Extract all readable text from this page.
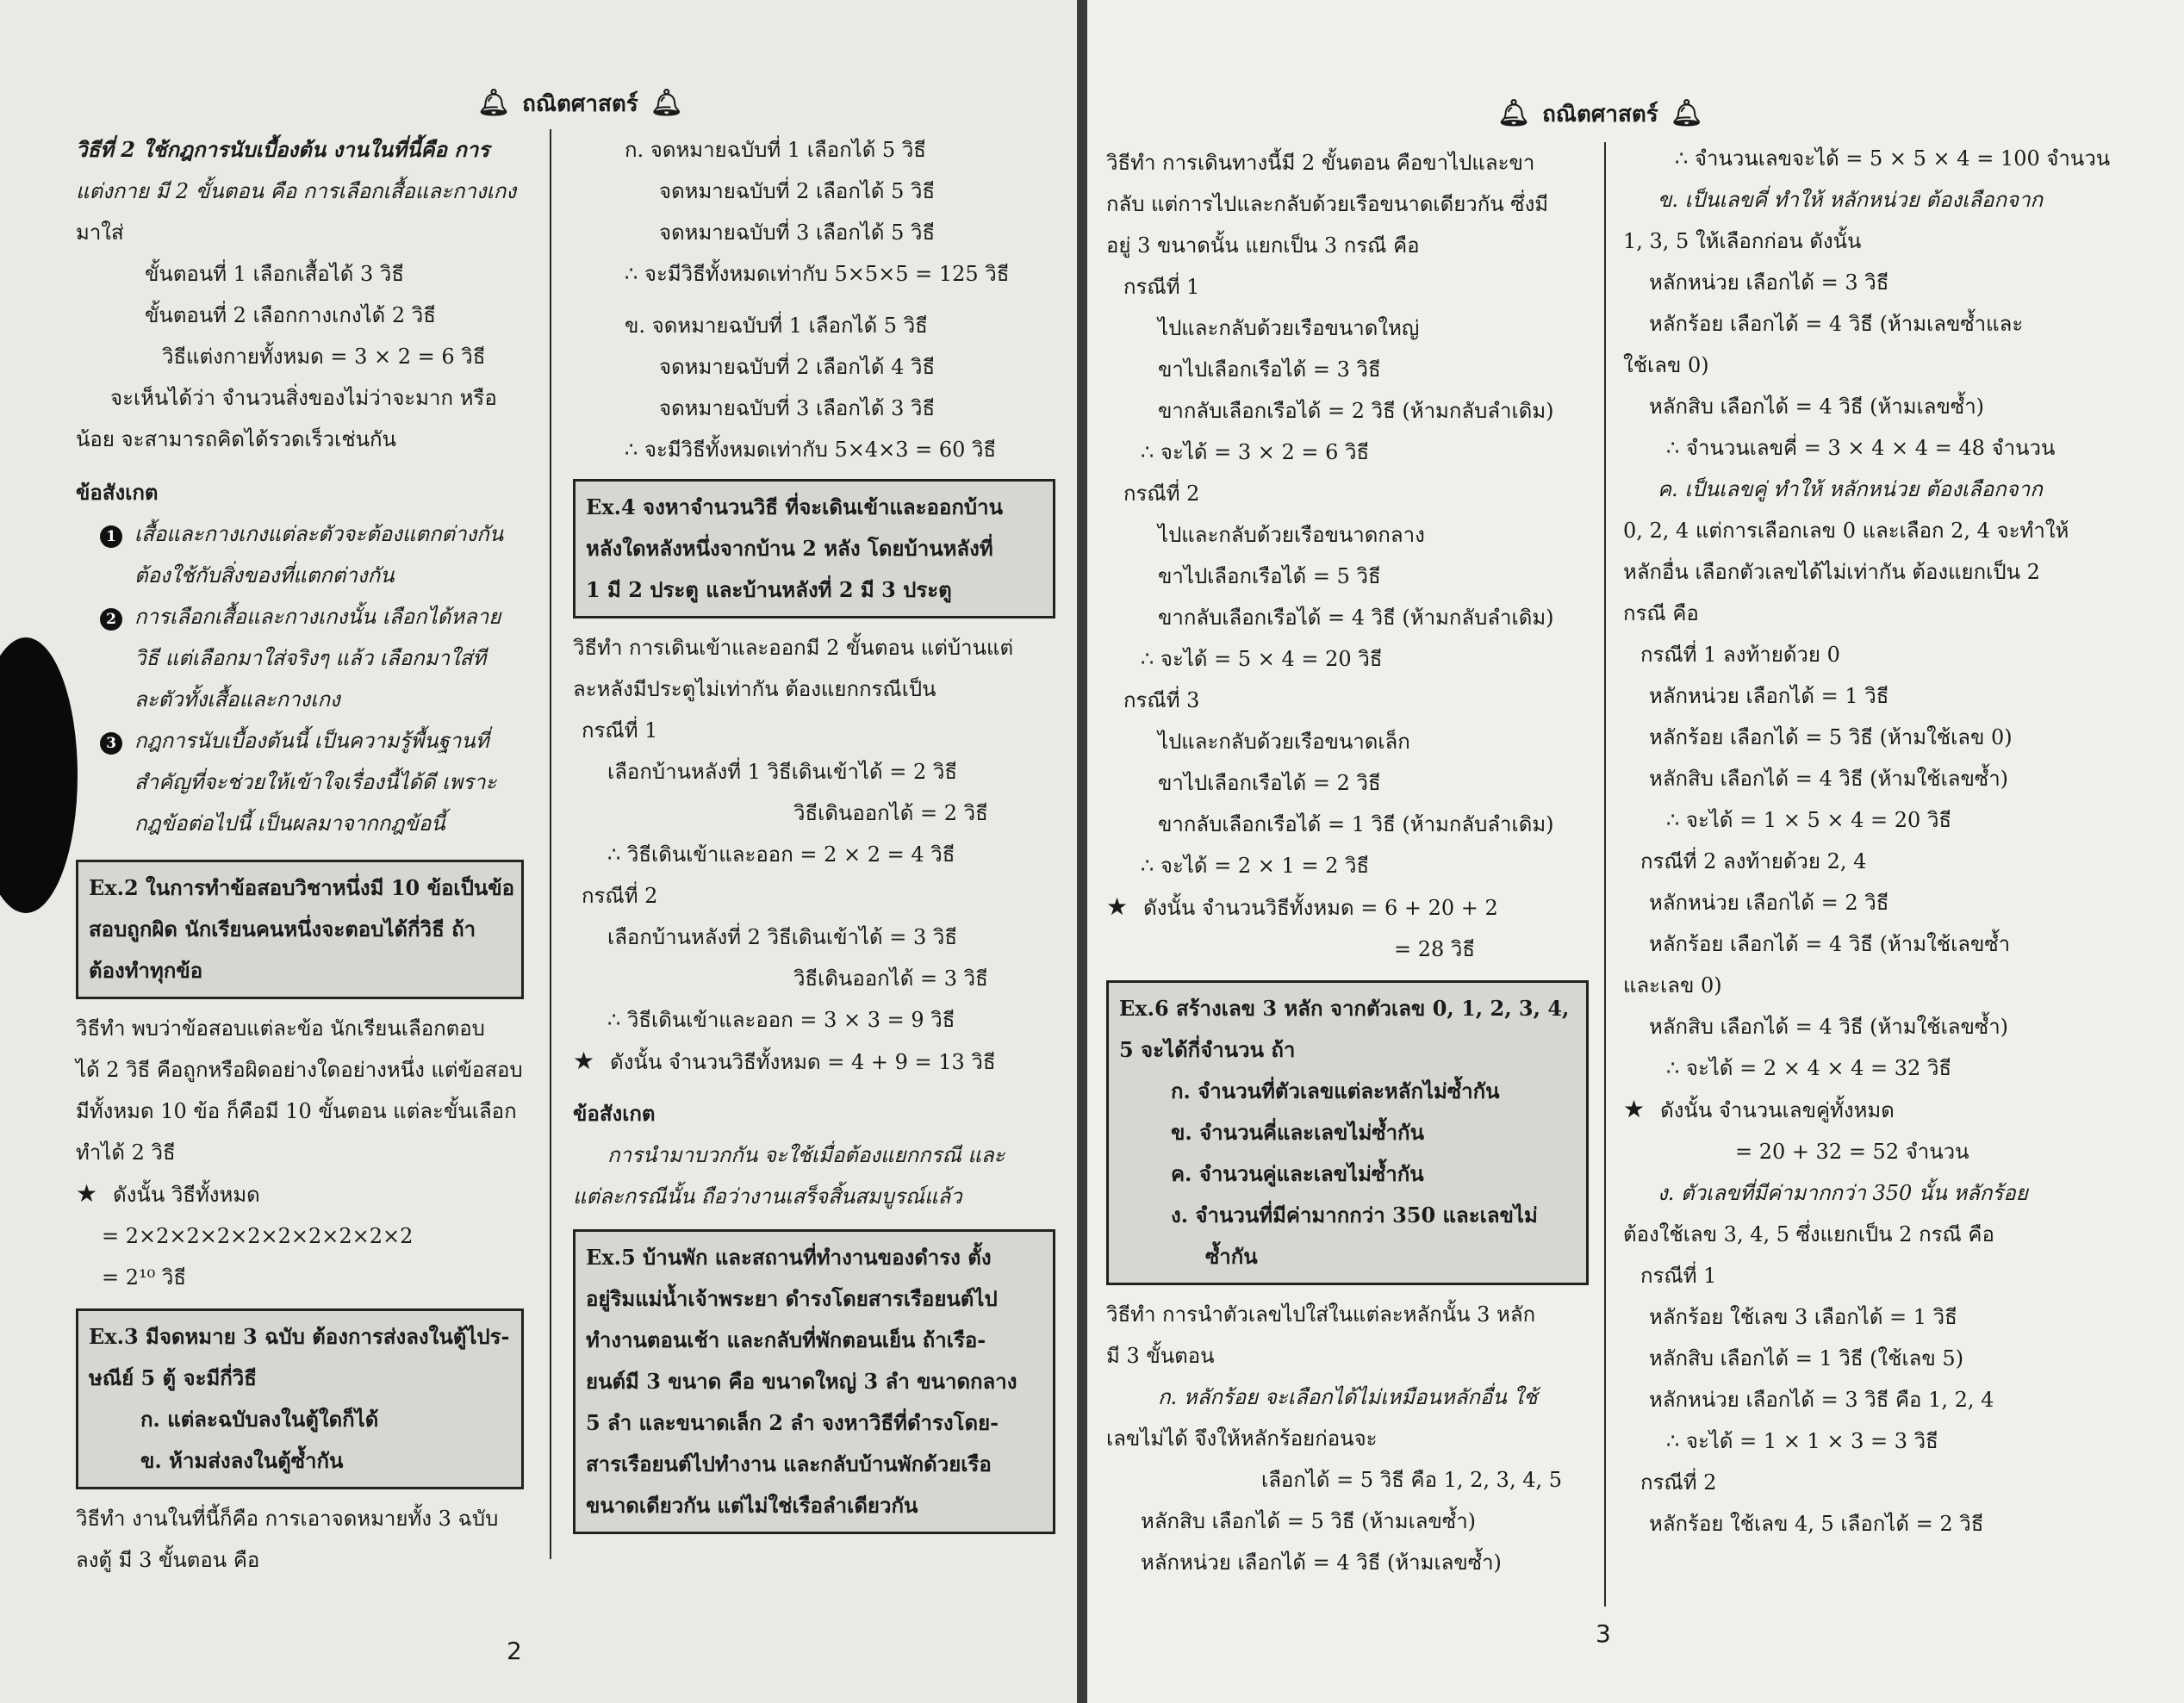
🔔︎ ถณิตศาสตร์ 🔔︎
วิธีที่ 2 ใช้กฎการนับเบื้องต้น งานในที่นี้คือ การ
แต่งกาย มี 2 ขั้นตอน คือ การเลือกเสื้อและกางเกง
มาใส่
ขั้นตอนที่ 1 เลือกเสื้อได้ 3 วิธี
ขั้นตอนที่ 2 เลือกกางเกงได้ 2 วิธี
วิธีแต่งกายทั้งหมด = 3 × 2 = 6 วิธี
จะเห็นได้ว่า จำนวนสิ่งของไม่ว่าจะมาก หรือ
น้อย จะสามารถคิดได้รวดเร็วเช่นกัน
ข้อสังเกต
1 เสื้อและกางเกงแต่ละตัวจะต้องแตกต่างกัน
ต้องใช้กับสิ่งของที่แตกต่างกัน
2 การเลือกเสื้อและกางเกงนั้น เลือกได้หลาย
วิธี แต่เลือกมาใส่จริงๆ แล้ว เลือกมาใส่ที
ละตัวทั้งเสื้อและกางเกง
3 กฎการนับเบื้องต้นนี้ เป็นความรู้พื้นฐานที่
สำคัญที่จะช่วยให้เข้าใจเรื่องนี้ได้ดี เพราะ
กฎข้อต่อไปนี้ เป็นผลมาจากกฎข้อนี้
Ex.2 ในการทำข้อสอบวิชาหนึ่งมี 10 ข้อเป็นข้อ
สอบถูกผิด นักเรียนคนหนึ่งจะตอบได้กี่วิธี ถ้า
ต้องทำทุกข้อ
วิธีทำ พบว่าข้อสอบแต่ละข้อ นักเรียนเลือกตอบ
ได้ 2 วิธี คือถูกหรือผิดอย่างใดอย่างหนึ่ง แต่ข้อสอบ
มีทั้งหมด 10 ข้อ ก็คือมี 10 ขั้นตอน แต่ละขั้นเลือก
ทำได้ 2 วิธี
★ ดังนั้น วิธีทั้งหมด
= 2×2×2×2×2×2×2×2×2×2
= 2¹⁰ วิธี
Ex.3 มีจดหมาย 3 ฉบับ ต้องการส่งลงในตู้ไปร-
ษณีย์ 5 ตู้ จะมีกี่วิธี
ก. แต่ละฉบับลงในตู้ใดก็ได้
ข. ห้ามส่งลงในตู้ซ้ำกัน
วิธีทำ งานในที่นี้ก็คือ การเอาจดหมายทั้ง 3 ฉบับ
ลงตู้ มี 3 ขั้นตอน คือ
ก. จดหมายฉบับที่ 1 เลือกได้ 5 วิธี
จดหมายฉบับที่ 2 เลือกได้ 5 วิธี
จดหมายฉบับที่ 3 เลือกได้ 5 วิธี
∴ จะมีวิธีทั้งหมดเท่ากับ 5×5×5 = 125 วิธี
ข. จดหมายฉบับที่ 1 เลือกได้ 5 วิธี
จดหมายฉบับที่ 2 เลือกได้ 4 วิธี
จดหมายฉบับที่ 3 เลือกได้ 3 วิธี
∴ จะมีวิธีทั้งหมดเท่ากับ 5×4×3 = 60 วิธี
Ex.4 จงหาจำนวนวิธี ที่จะเดินเข้าและออกบ้าน
หลังใดหลังหนึ่งจากบ้าน 2 หลัง โดยบ้านหลังที่
1 มี 2 ประตู และบ้านหลังที่ 2 มี 3 ประตู
วิธีทำ การเดินเข้าและออกมี 2 ขั้นตอน แต่บ้านแต่
ละหลังมีประตูไม่เท่ากัน ต้องแยกกรณีเป็น
กรณีที่ 1
เลือกบ้านหลังที่ 1 วิธีเดินเข้าได้ = 2 วิธี
วิธีเดินออกได้ = 2 วิธี
∴ วิธีเดินเข้าและออก = 2 × 2 = 4 วิธี
กรณีที่ 2
เลือกบ้านหลังที่ 2 วิธีเดินเข้าได้ = 3 วิธี
วิธีเดินออกได้ = 3 วิธี
∴ วิธีเดินเข้าและออก = 3 × 3 = 9 วิธี
★ ดังนั้น จำนวนวิธีทั้งหมด = 4 + 9 = 13 วิธี
ข้อสังเกต
การนำมาบวกกัน จะใช้เมื่อต้องแยกกรณี และ
แต่ละกรณีนั้น ถือว่างานเสร็จสิ้นสมบูรณ์แล้ว
Ex.5 บ้านพัก และสถานที่ทำงานของดำรง ตั้ง
อยู่ริมแม่น้ำเจ้าพระยา ดำรงโดยสารเรือยนต์ไป
ทำงานตอนเช้า และกลับที่พักตอนเย็น ถ้าเรือ-
ยนต์มี 3 ขนาด คือ ขนาดใหญ่ 3 ลำ ขนาดกลาง
5 ลำ และขนาดเล็ก 2 ลำ จงหาวิธีที่ดำรงโดย-
สารเรือยนต์ไปทำงาน และกลับบ้านพักด้วยเรือ
ขนาดเดียวกัน แต่ไม่ใช่เรือลำเดียวกัน
2
🔔︎ ถณิตศาสตร์ 🔔︎
วิธีทำ การเดินทางนี้มี 2 ขั้นตอน คือขาไปและขา
กลับ แต่การไปและกลับด้วยเรือขนาดเดียวกัน ซึ่งมี
อยู่ 3 ขนาดนั้น แยกเป็น 3 กรณี คือ
กรณีที่ 1
ไปและกลับด้วยเรือขนาดใหญ่
ขาไปเลือกเรือได้ = 3 วิธี
ขากลับเลือกเรือได้ = 2 วิธี (ห้ามกลับลำเดิม)
∴ จะได้ = 3 × 2 = 6 วิธี
กรณีที่ 2
ไปและกลับด้วยเรือขนาดกลาง
ขาไปเลือกเรือได้ = 5 วิธี
ขากลับเลือกเรือได้ = 4 วิธี (ห้ามกลับลำเดิม)
∴ จะได้ = 5 × 4 = 20 วิธี
กรณีที่ 3
ไปและกลับด้วยเรือขนาดเล็ก
ขาไปเลือกเรือได้ = 2 วิธี
ขากลับเลือกเรือได้ = 1 วิธี (ห้ามกลับลำเดิม)
∴ จะได้ = 2 × 1 = 2 วิธี
★ ดังนั้น จำนวนวิธีทั้งหมด = 6 + 20 + 2
= 28 วิธี
Ex.6 สร้างเลข 3 หลัก จากตัวเลข 0, 1, 2, 3, 4,
5 จะได้กี่จำนวน ถ้า
ก. จำนวนที่ตัวเลขแต่ละหลักไม่ซ้ำกัน
ข. จำนวนคี่และเลขไม่ซ้ำกัน
ค. จำนวนคู่และเลขไม่ซ้ำกัน
ง. จำนวนที่มีค่ามากกว่า 350 และเลขไม่
ซ้ำกัน
วิธีทำ การนำตัวเลขไปใส่ในแต่ละหลักนั้น 3 หลัก
มี 3 ขั้นตอน
ก. หลักร้อย จะเลือกได้ไม่เหมือนหลักอื่น ใช้
เลขไม่ได้ จึงให้หลักร้อยก่อนจะ
เลือกได้ = 5 วิธี คือ 1, 2, 3, 4, 5
หลักสิบ เลือกได้ = 5 วิธี (ห้ามเลขซ้ำ)
หลักหน่วย เลือกได้ = 4 วิธี (ห้ามเลขซ้ำ)
∴ จำนวนเลขจะได้ = 5 × 5 × 4 = 100 จำนวน
ข. เป็นเลขคี่ ทำให้ หลักหน่วย ต้องเลือกจาก
1, 3, 5 ให้เลือกก่อน ดังนั้น
หลักหน่วย เลือกได้ = 3 วิธี
หลักร้อย เลือกได้ = 4 วิธี (ห้ามเลขซ้ำและ
ใช้เลข 0)
หลักสิบ เลือกได้ = 4 วิธี (ห้ามเลขซ้ำ)
∴ จำนวนเลขคี่ = 3 × 4 × 4 = 48 จำนวน
ค. เป็นเลขคู่ ทำให้ หลักหน่วย ต้องเลือกจาก
0, 2, 4 แต่การเลือกเลข 0 และเลือก 2, 4 จะทำให้
หลักอื่น เลือกตัวเลขได้ไม่เท่ากัน ต้องแยกเป็น 2
กรณี คือ
กรณีที่ 1 ลงท้ายด้วย 0
หลักหน่วย เลือกได้ = 1 วิธี
หลักร้อย เลือกได้ = 5 วิธี (ห้ามใช้เลข 0)
หลักสิบ เลือกได้ = 4 วิธี (ห้ามใช้เลขซ้ำ)
∴ จะได้ = 1 × 5 × 4 = 20 วิธี
กรณีที่ 2 ลงท้ายด้วย 2, 4
หลักหน่วย เลือกได้ = 2 วิธี
หลักร้อย เลือกได้ = 4 วิธี (ห้ามใช้เลขซ้ำ
และเลข 0)
หลักสิบ เลือกได้ = 4 วิธี (ห้ามใช้เลขซ้ำ)
∴ จะได้ = 2 × 4 × 4 = 32 วิธี
★ ดังนั้น จำนวนเลขคู่ทั้งหมด
= 20 + 32 = 52 จำนวน
ง. ตัวเลขที่มีค่ามากกว่า 350 นั้น หลักร้อย
ต้องใช้เลข 3, 4, 5 ซึ่งแยกเป็น 2 กรณี คือ
กรณีที่ 1
หลักร้อย ใช้เลข 3 เลือกได้ = 1 วิธี
หลักสิบ เลือกได้ = 1 วิธี (ใช้เลข 5)
หลักหน่วย เลือกได้ = 3 วิธี คือ 1, 2, 4
∴ จะได้ = 1 × 1 × 3 = 3 วิธี
กรณีที่ 2
หลักร้อย ใช้เลข 4, 5 เลือกได้ = 2 วิธี
3
